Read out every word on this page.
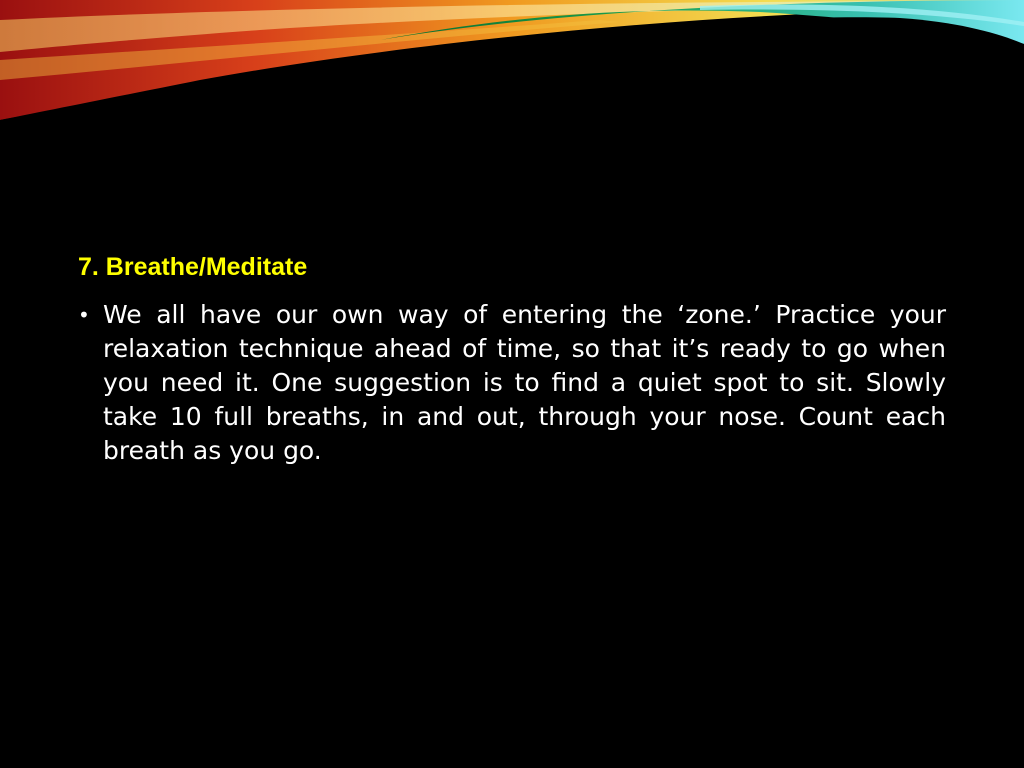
7. Breathe/Meditate
• We all have our own way of entering the ‘zone.’ Practice your relaxation technique ahead of time, so that it’s ready to go when you need it. One suggestion is to find a quiet spot to sit. Slowly take 10 full breaths, in and out, through your nose. Count each breath as you go.
